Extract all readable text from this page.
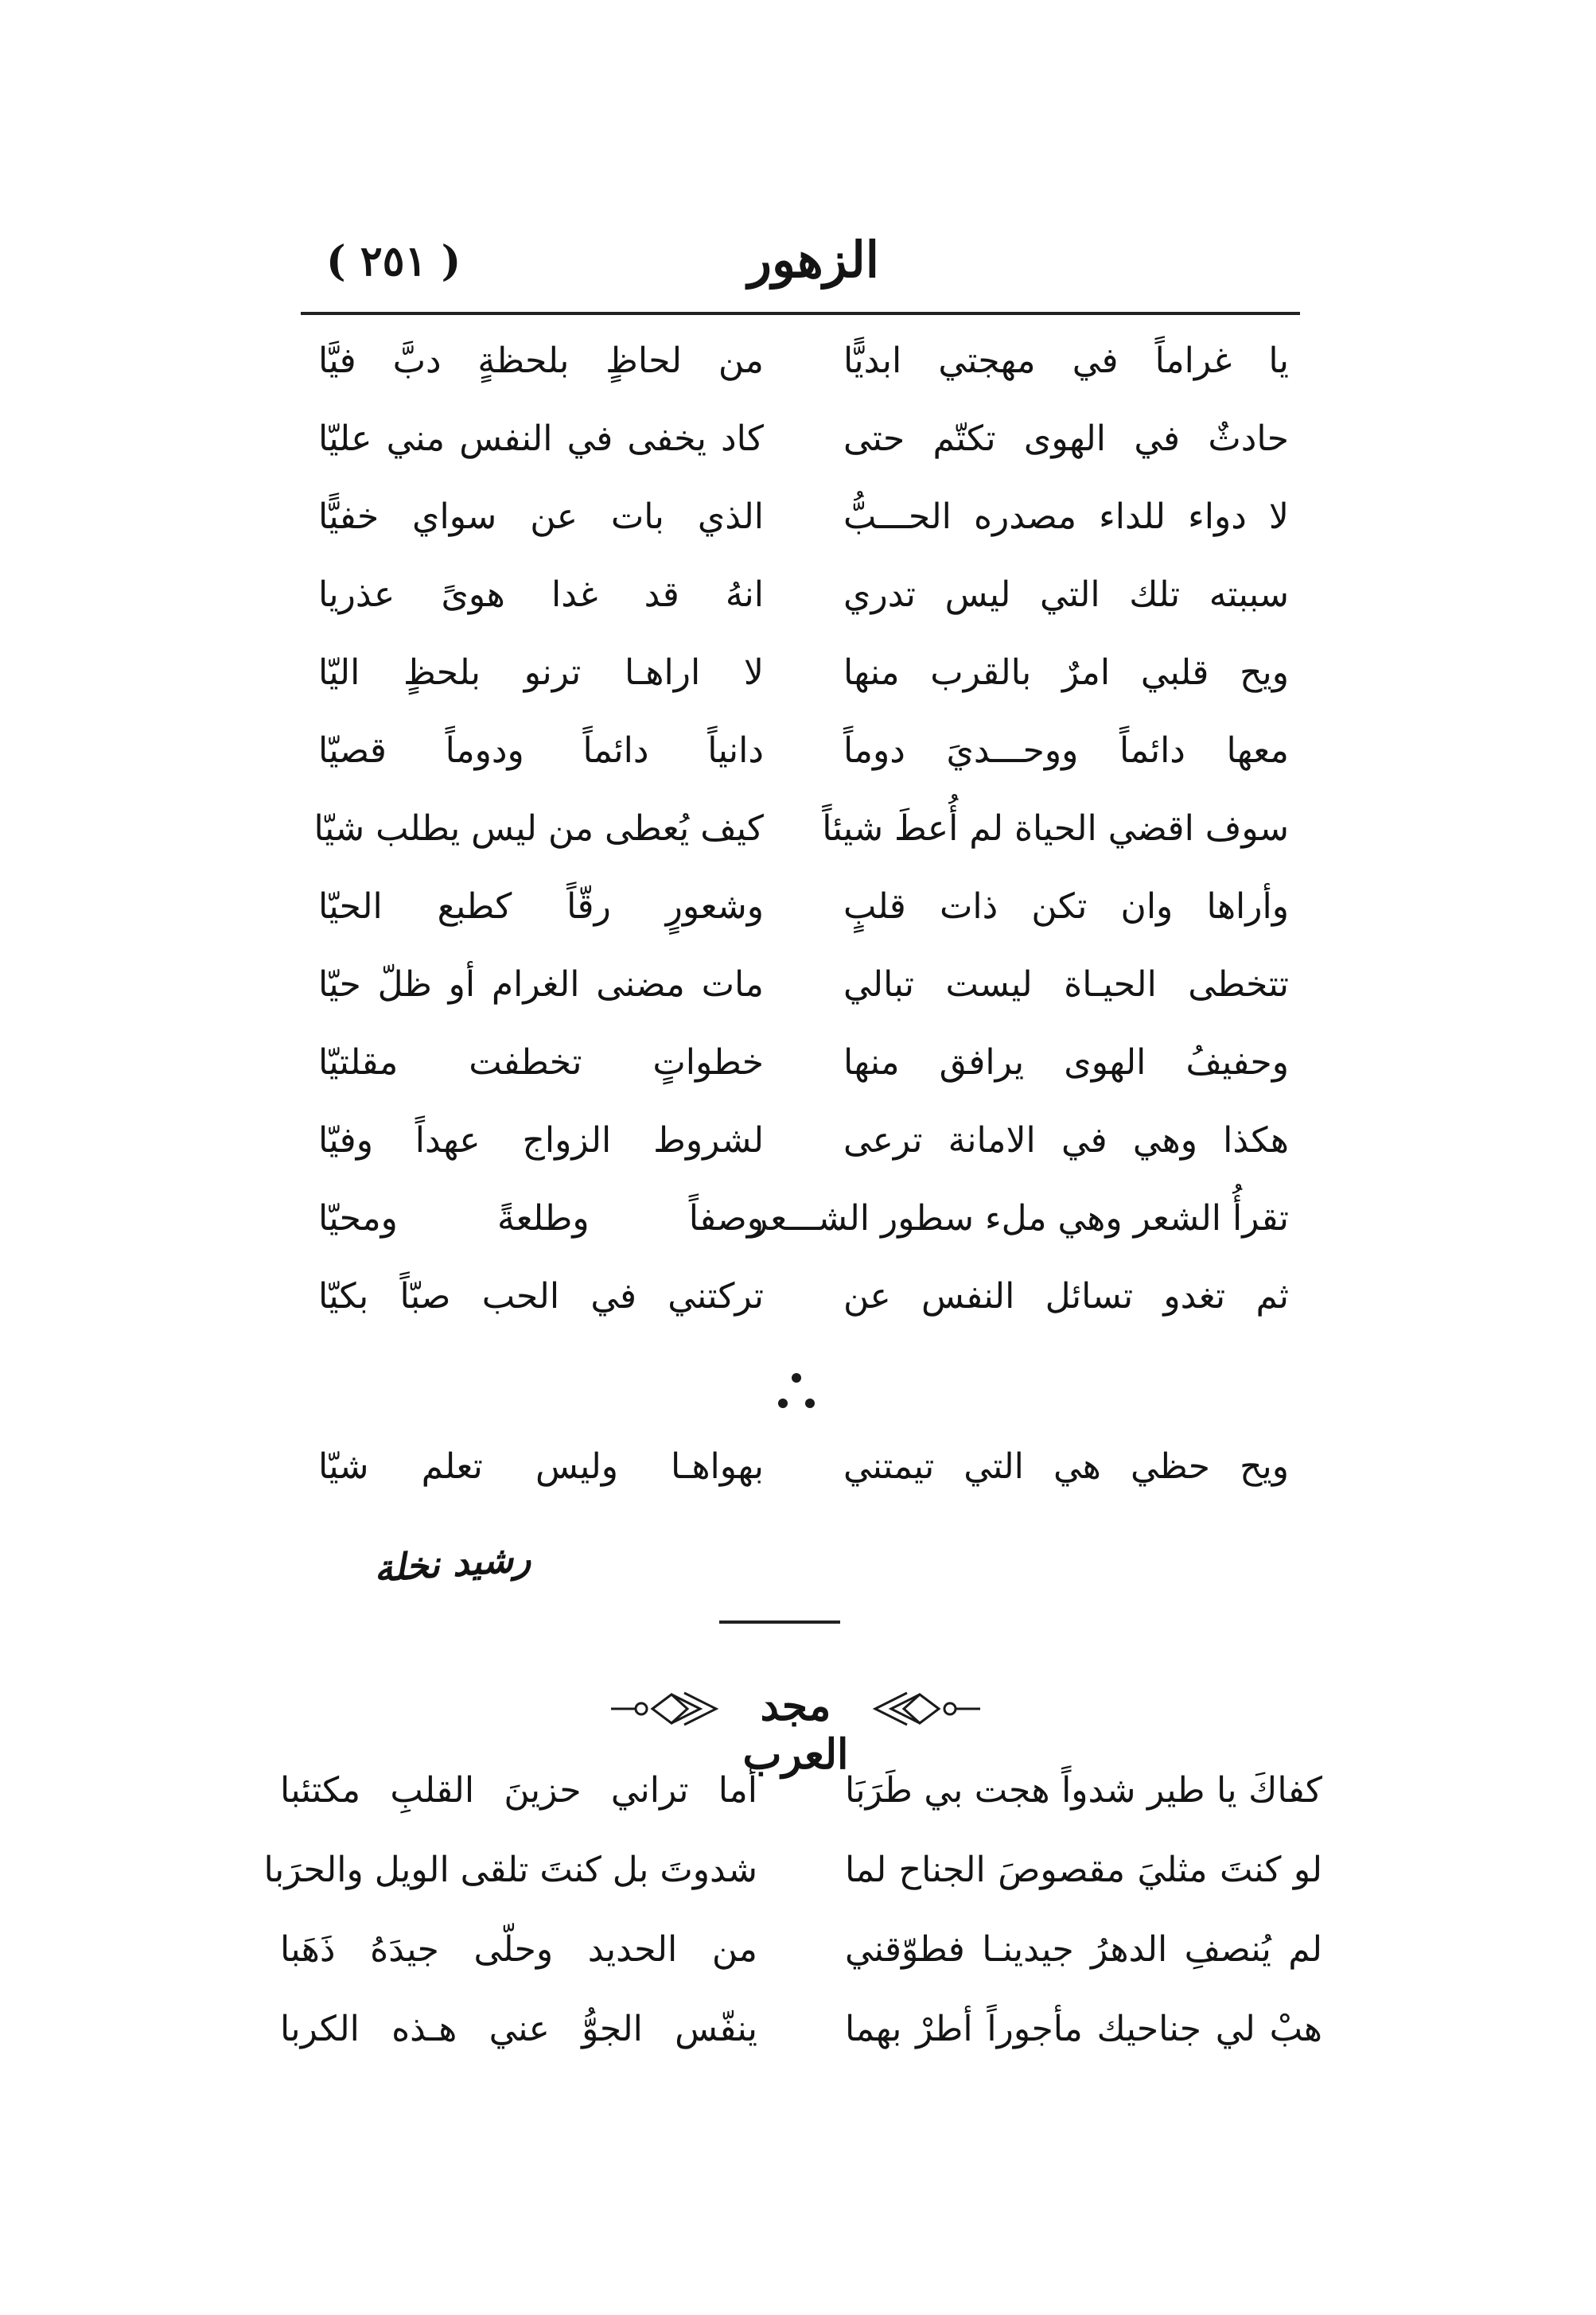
( ٢٥١ )	الزهور
يا غراماً في مهجتي ابديًّا
من لحاظٍ بلحظةٍ دبَّ فيَّا
حادثٌ في الهوى تكتّم حتى
كاد يخفى في النفس مني عليّا
لا دواء للداء مصدره الحـــبُّ
الذي بات عن سواي خفيًّا
سببته تلك التي ليس تدري
انهُ قد غدا هوىً عذريا
ويح قلبي امرٌ بالقرب منها
لا اراهـا ترنو بلحظٍ اليّا
معها دائماً ووحـــديَ دوماً
دانياً دائماً ودوماً قصيّا
سوف اقضي الحياة لم أُعطَ شيئاً
كيف يُعطى من ليس يطلب شيّا
وأراها وان تكن ذات قلبٍ
وشعورٍ رقّاً كطبع الحيّا
تتخطى الحيـاة ليست تبالي
مات مضنى الغرام أو ظلّ حيّا
وحفيفُ الهوى يرافق منها
خطواتٍ تخطفت مقلتيّا
هكذا وهي في الامانة ترعى
لشروط الزواج عهداً وفيّا
تقرأُ الشعر وهي ملء سطور الشـــعر
وصفاً وطلعةً ومحيّا
ثم تغدو تسائل النفس عن
تركتني في الحب صبّاً بكيّا
ويح حظي هي التي تيمتني
بهواهـا وليس تعلم شيّا
رشيد نخلة
مجد العرب
كفاكَ يا طير شدواً هجت بي طَرَبَا
أما تراني حزينَ القلبِ مكتئبا
لو كنتَ مثليَ مقصوصَ الجناح لما
شدوتَ بل كنتَ تلقى الويل والحرَبا
لم يُنصفِ الدهرُ جيدينـا فطوّقني
من الحديد وحلّى جيدَهُ ذَهَبا
هبْ لي جناحيك مأجوراً أطرْ بهما
ينفّس الجوُّ عني هـذه الكربا
